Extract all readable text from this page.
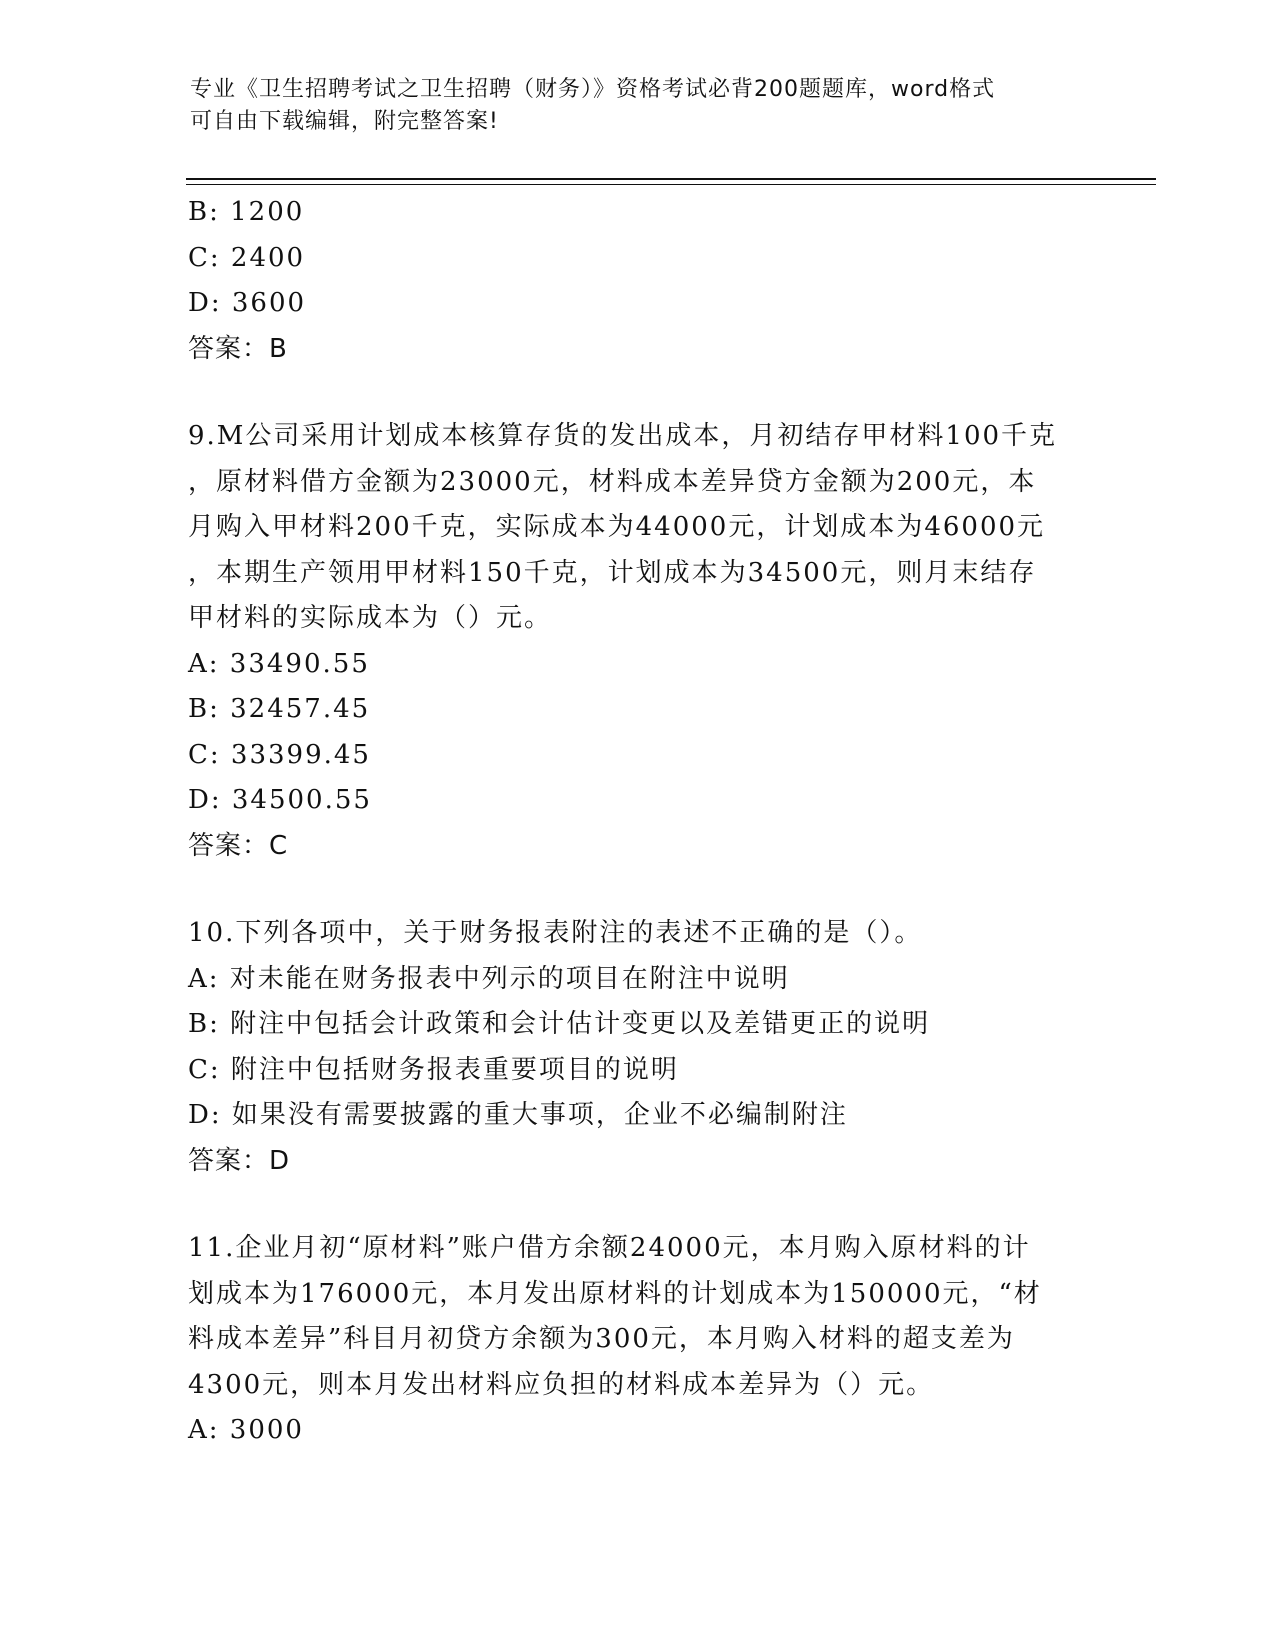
专业《卫生招聘考试之卫生招聘（财务）》资格考试必背200题题库，word格式
可自由下载编辑，附完整答案!
B: 1200
C: 2400
D: 3600
答案：B
9.M公司采用计划成本核算存货的发出成本，月初结存甲材料100千克
，原材料借方金额为23000元，材料成本差异贷方金额为200元，本
月购入甲材料200千克，实际成本为44000元，计划成本为46000元
，本期生产领用甲材料150千克，计划成本为34500元，则月末结存
甲材料的实际成本为（）元。
A: 33490.55
B: 32457.45
C: 33399.45
D: 34500.55
答案：C
10.下列各项中，关于财务报表附注的表述不正确的是（）。
A: 对未能在财务报表中列示的项目在附注中说明
B: 附注中包括会计政策和会计估计变更以及差错更正的说明
C: 附注中包括财务报表重要项目的说明
D: 如果没有需要披露的重大事项，企业不必编制附注
答案：D
11.企业月初“原材料”账户借方余额24000元，本月购入原材料的计
划成本为176000元，本月发出原材料的计划成本为150000元，“材
料成本差异”科目月初贷方余额为300元，本月购入材料的超支差为
4300元，则本月发出材料应负担的材料成本差异为（）元。
A: 3000
